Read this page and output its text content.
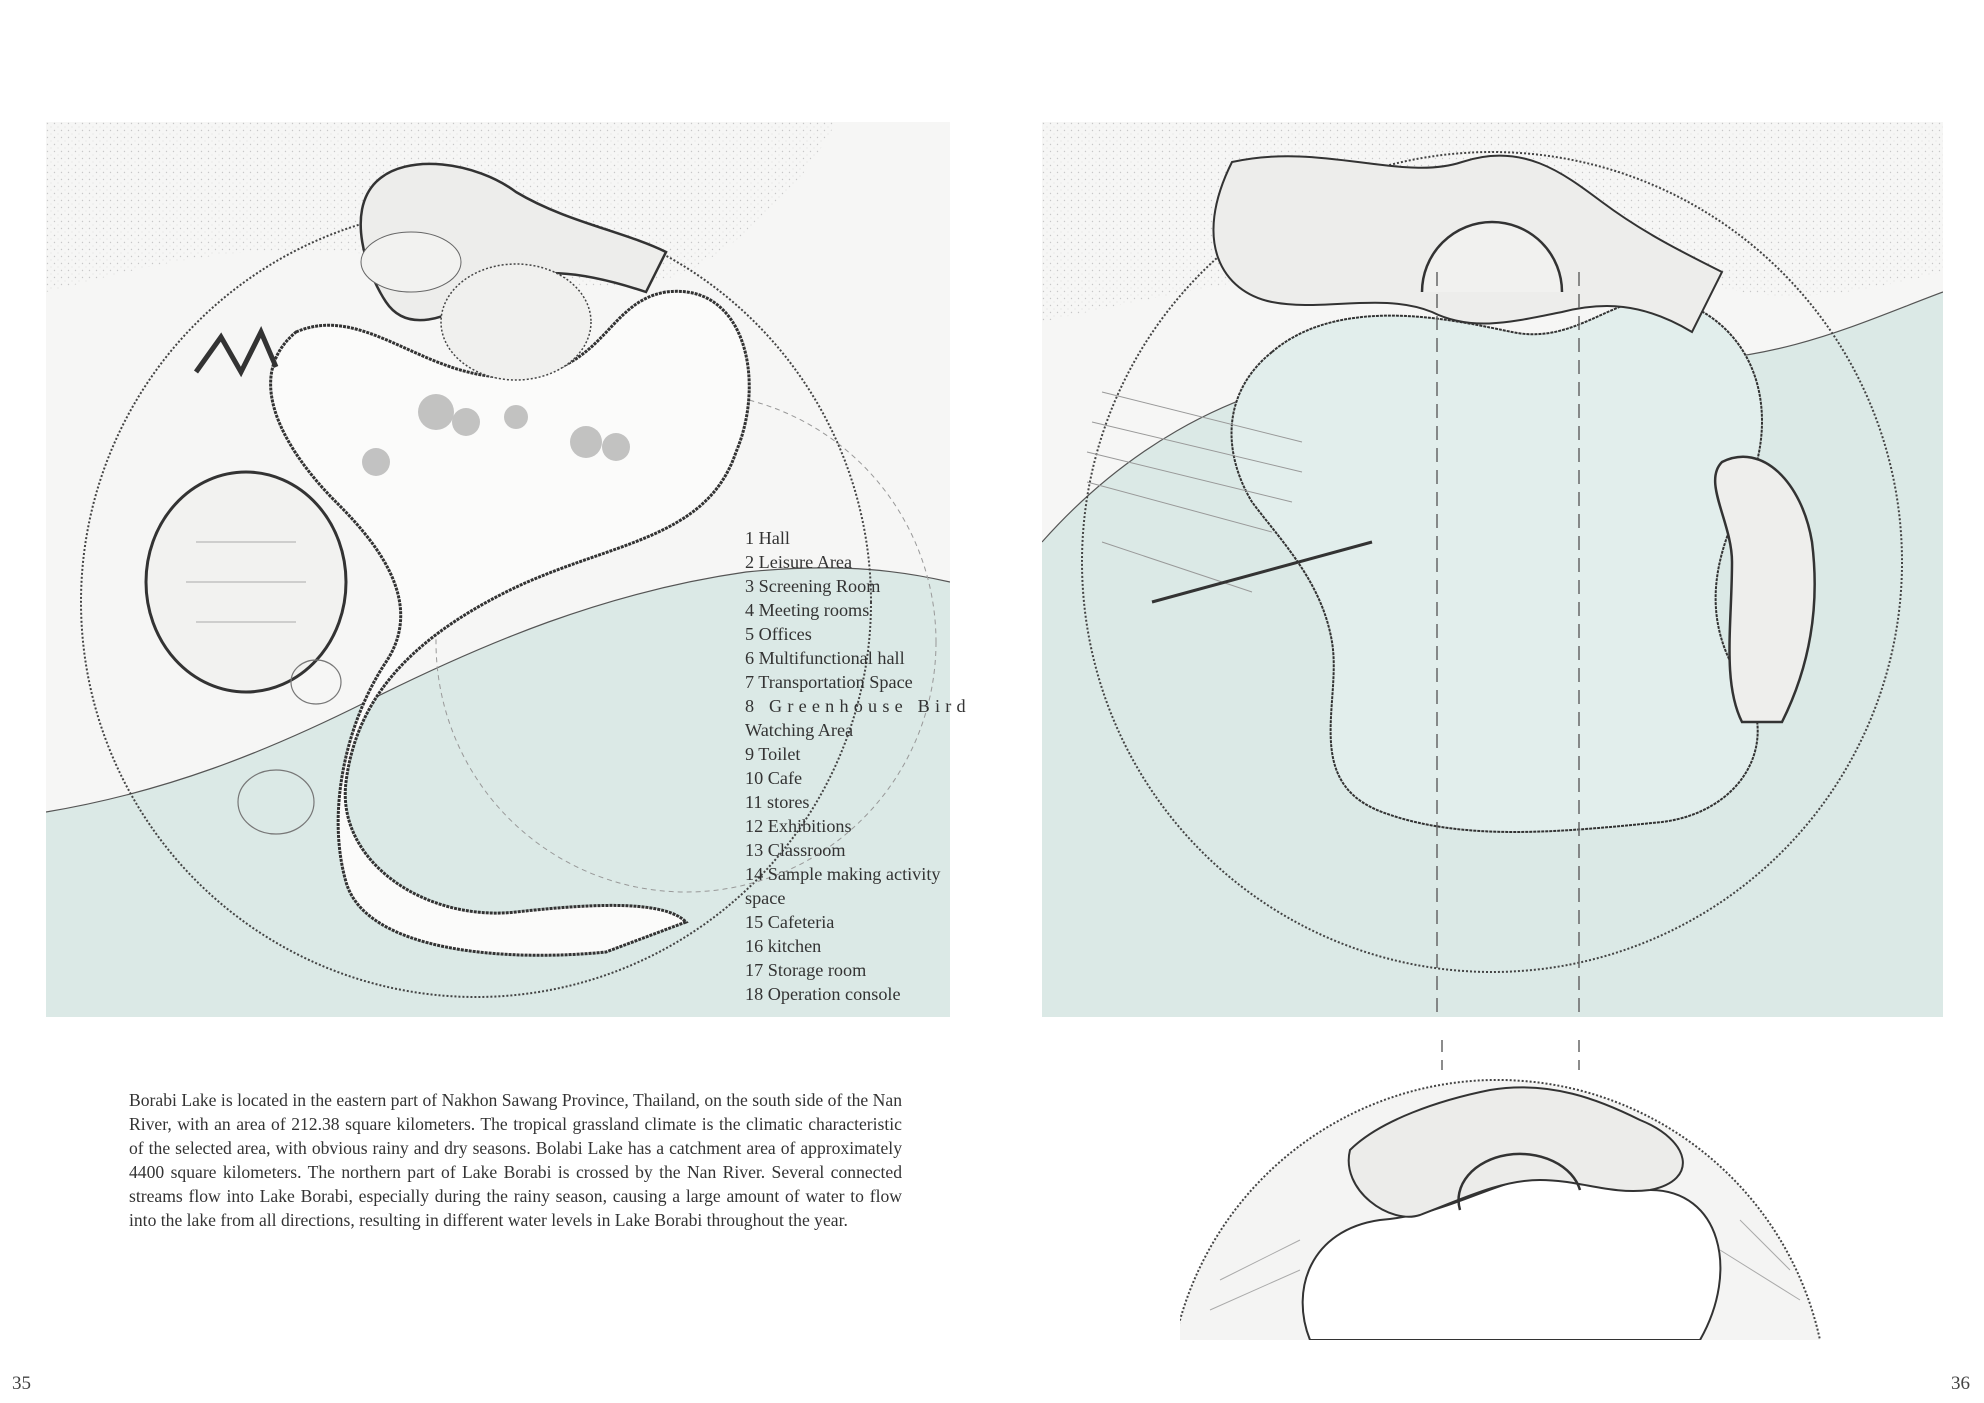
1 Hall
2 Leisure Area
3 Screening Room
4 Meeting rooms
5 Offices
6 Multifunctional hall
7 Transportation Space
8 Greenhouse Bird
Watching Area
9 Toilet
10 Cafe
11 stores
12 Exhibitions
13 Classroom
14 Sample making activity
space
15 Cafeteria
16 kitchen
17 Storage room
18 Operation console
Borabi Lake is located in the eastern part of Nakhon Sawang Province, Thailand, on the south side of the Nan River, with an area of 212.38 square kilometers. The tropical grassland climate is the climatic characteristic of the selected area, with obvious rainy and dry seasons. Bolabi Lake has a catchment area of approximately 4400 square kilometers. The northern part of Lake Borabi is crossed by the Nan River. Several connected streams flow into Lake Borabi, especially during the rainy season, causing a large amount of water to flow into the lake from all directions, resulting in different water levels in Lake Borabi throughout the year.
35	36
